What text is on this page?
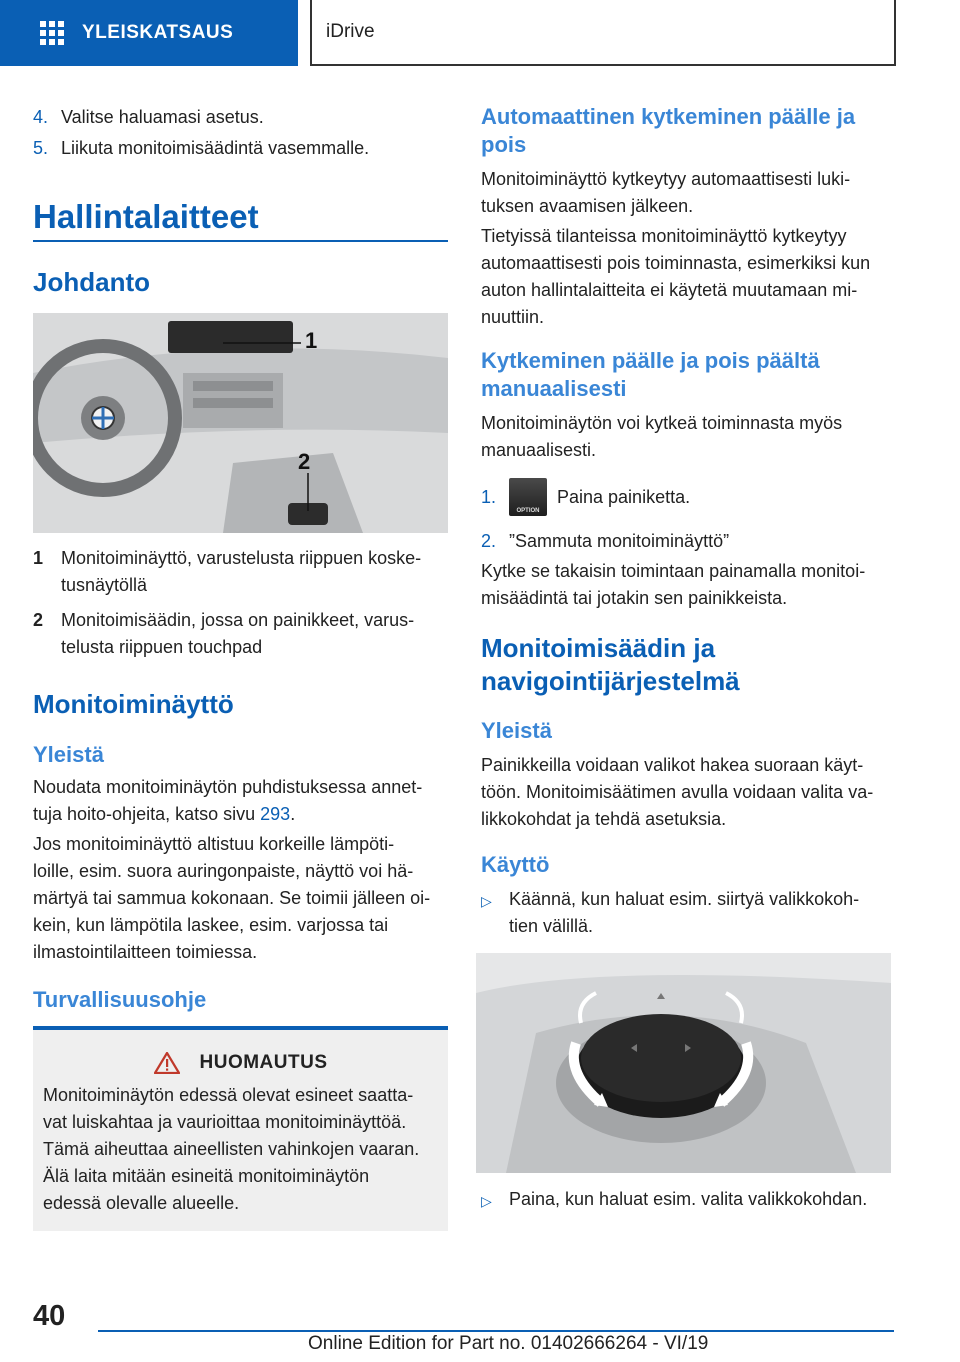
YLEISKATSAUS	iDrive
4. Valitse haluamasi asetus.
5. Liikuta monitoimisäädintä vasemmalle.
Hallintalaitteet
Johdanto
1
2
1 Monitoiminäyttö, varustelusta riippuen koske‐
tusnäytöllä
2 Monitoimisäädin, jossa on painikkeet, varus‐
telusta riippuen touchpad
Monitoiminäyttö
Yleistä
Noudata monitoiminäytön puhdistuksessa annet‐
tuja hoito-ohjeita, katso sivu 293.
Jos monitoiminäyttö altistuu korkeille lämpöti‐
loille, esim. suora auringonpaiste, näyttö voi hä‐
märtyä tai sammua kokonaan. Se toimii jälleen oi‐
kein, kun lämpötila laskee, esim. varjossa tai
ilmastointilaitteen toimiessa.
Turvallisuusohje
HUOMAUTUS
Monitoiminäytön edessä olevat esineet saatta‐
vat luiskahtaa ja vaurioittaa monitoiminäyttöä.
Tämä aiheuttaa aineellisten vahinkojen vaaran.
Älä laita mitään esineitä monitoiminäytön
edessä olevalle alueelle.
Automaattinen kytkeminen päälle ja
pois
Monitoiminäyttö kytkeytyy automaattisesti luki‐
tuksen avaamisen jälkeen.
Tietyissä tilanteissa monitoiminäyttö kytkeytyy
automaattisesti pois toiminnasta, esimerkiksi kun
auton hallintalaitteita ei käytetä muutamaan mi‐
nuuttiin.
Kytkeminen päälle ja pois päältä
manuaalisesti
Monitoiminäytön voi kytkeä toiminnasta myös
manuaalisesti.
1.
OPTION
Paina painiketta.
2. ”Sammuta monitoiminäyttö”
Kytke se takaisin toimintaan painamalla monitoi‐
misäädintä tai jotakin sen painikkeista.
Monitoimisäädin ja
navigointijärjestelmä
Yleistä
Painikkeilla voidaan valikot hakea suoraan käyt‐
töön. Monitoimisäätimen avulla voidaan valita va‐
likkokohdat ja tehdä asetuksia.
Käyttö
▷ Käännä, kun haluat esim. siirtyä valikkokoh‐
tien välillä.
▷ Paina, kun haluat esim. valita valikkokohdan.
40
Online Edition for Part no. 01402666264 - VI/19
